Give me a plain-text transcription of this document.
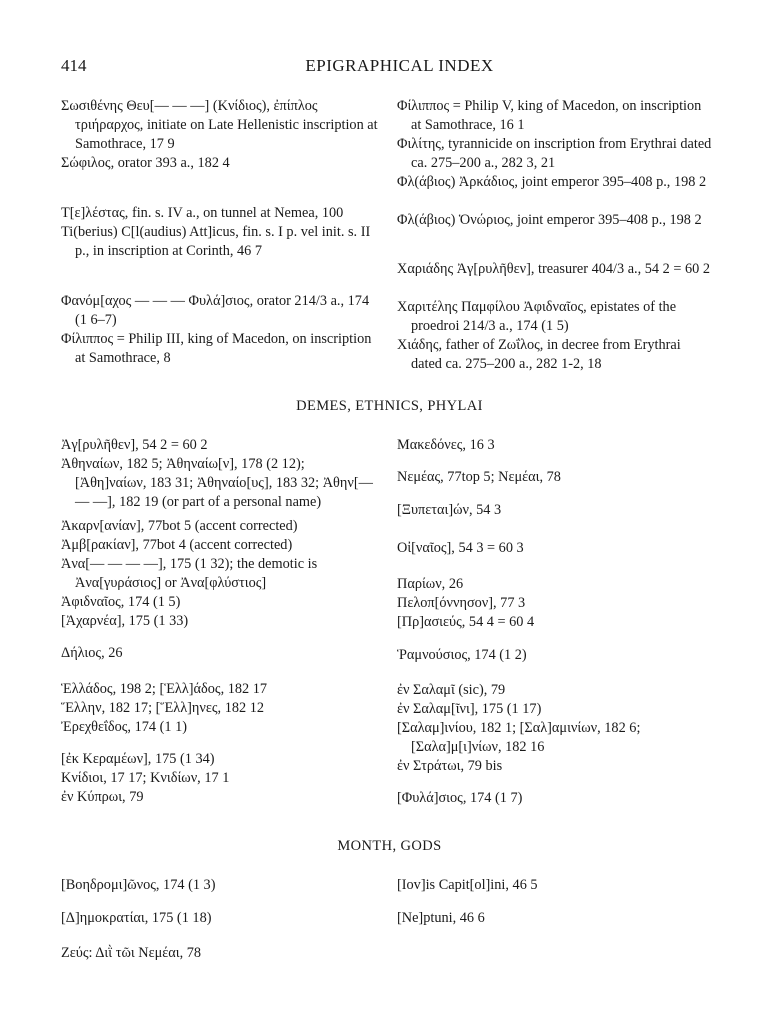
414	EPIGRAPHICAL INDEX
Σωσιθένης Θευ[— — —] (Κνίδιος), ἐπίπλος τριήραρχος, initiate on Late Hellenistic inscription at Samothrace, 17 9
Σώφιλος, orator 393 a., 182 4
Τ[ε]λέστας, fin. s. IV a., on tunnel at Nemea, 100
Ti(berius) C[l(audius) Att]icus, fin. s. I p. vel init. s. II p., in inscription at Corinth, 46 7
Φανόμ[αχος — — — Φυλά]σιος, orator 214/3 a., 174 (1 6–7)
Φίλιππος = Philip III, king of Macedon, on inscription at Samothrace, 8
Φίλιππος = Philip V, king of Macedon, on inscription at Samothrace, 16 1
Φιλίτης, tyrannicide on inscription from Erythrai dated ca. 275–200 a., 282 3, 21
Φλ(άβιος) Ἀρκάδιος, joint emperor 395–408 p., 198 2
Φλ(άβιος) Ὁνώριος, joint emperor 395–408 p., 198 2
Χαριάδης Ἀγ[ρυλῆθεν], treasurer 404/3 a., 54 2 = 60 2
Χαριτέλης Παμφίλου Ἀφιδναῖος, epistates of the proedroi 214/3 a., 174 (1 5)
Χιάδης, father of Ζωΐλος, in decree from Erythrai dated ca. 275–200 a., 282 1-2, 18
DEMES, ETHNICS, PHYLAI
Ἀγ[ρυλῆθεν], 54 2 = 60 2
Ἀθηναίων, 182 5; Ἀθηναίω[ν], 178 (2 12); [Ἀθη]ναίων, 183 31; Ἀθηναίο[υς], 183 32; Ἀθην[— — —], 182 19 (or part of a personal name)
Ἀκαρν[ανίαν], 77bot 5 (accent corrected)
Ἀμβ[ρακίαν], 77bot 4 (accent corrected)
Ἀνα[— — — —], 175 (1 32); the demotic is Ἀνα[γυράσιος] or Ἀνα[φλύστιος]
Ἀφιδναῖος, 174 (1 5)
[Ἀχαρνέα], 175 (1 33)
Δήλιος, 26
Ἑλλάδος, 198 2; [Ἑλλ]άδος, 182 17
Ἕλλην, 182 17; [Ἕλλ]ηνες, 182 12
Ἐρεχθεΐδος, 174 (1 1)
[ἐκ Κεραμέων], 175 (1 34)
Κνίδιοι, 17 17; Κνιδίων, 17 1
ἐν Κύπρωι, 79
Μακεδόνες, 16 3
Νεμέας, 77top 5; Νεμέαι, 78
[Ξυπεται]ών, 54 3
Οἰ[ναῖος], 54 3 = 60 3
Παρίων, 26
Πελοπ[όννησον], 77 3
[Πρ]ασιεύς, 54 4 = 60 4
Ῥαμνούσιος, 174 (1 2)
ἐν Σαλαμῖ (sic), 79
ἐν Σαλαμ[ῖνι], 175 (1 17)
[Σαλαμ]ινίου, 182 1; [Σαλ]αμινίων, 182 6; [Σαλα]μ[ι]νίων, 182 16
ἐν Στράτωι, 79 bis
[Φυλά]σιος, 174 (1 7)
MONTH, GODS
[Βοηδρομι]ῶνος, 174 (1 3)
[Δ]ημοκρατίαι, 175 (1 18)
Ζεύς: Διῒ τῶι Νεμέαι, 78
[Iov]is Capit[ol]ini, 46 5
[Ne]ptuni, 46 6
